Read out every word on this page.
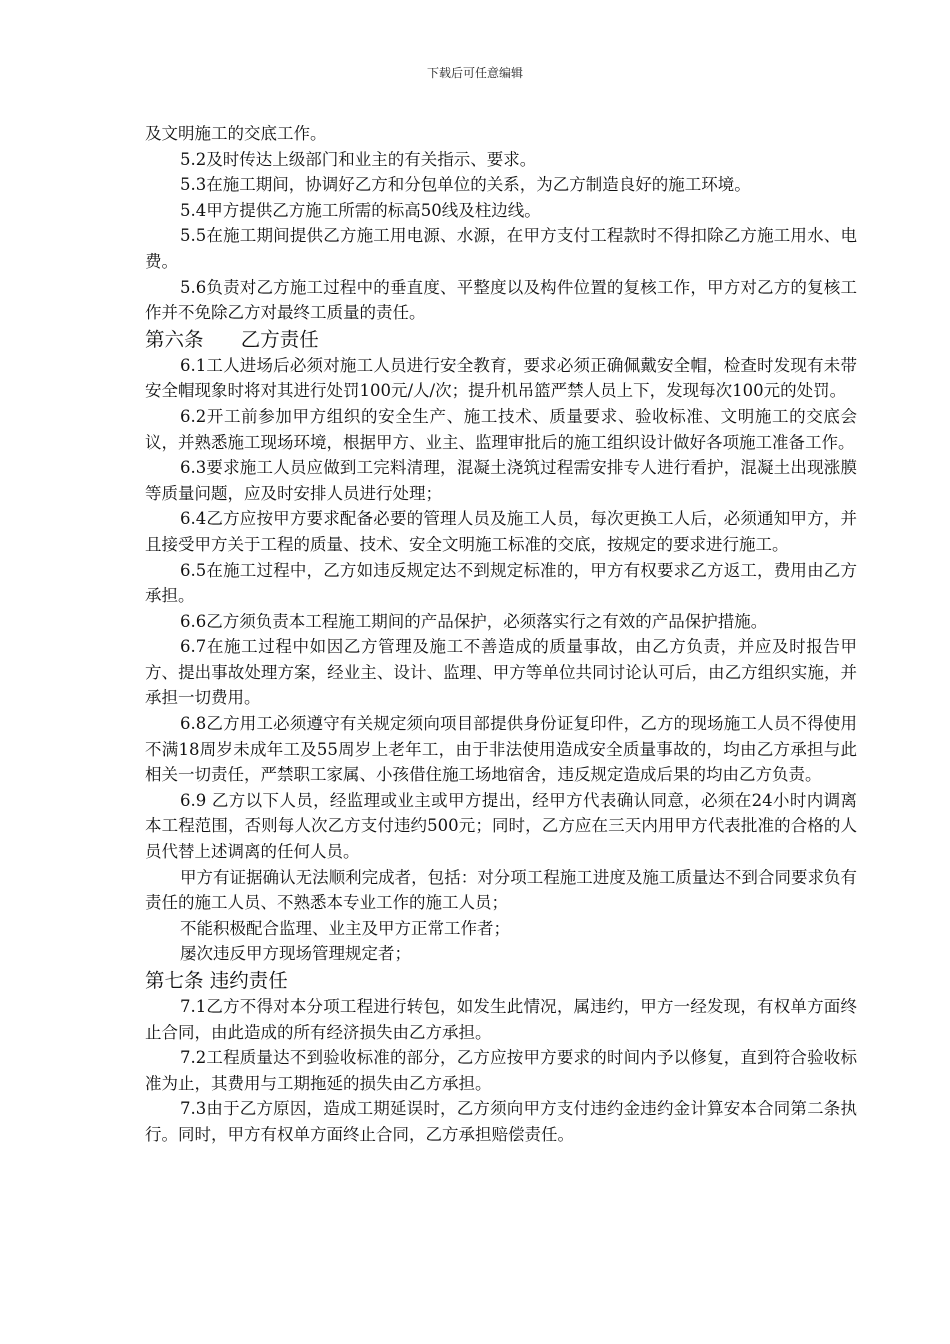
下载后可任意编辑

及文明施工的交底工作。

5.2及时传达上级部门和业主的有关指示、要求。

5.3在施工期间，协调好乙方和分包单位的关系，为乙方制造良好的施工环境。

5.4甲方提供乙方施工所需的标高50线及柱边线。

5.5在施工期间提供乙方施工用电源、水源，在甲方支付工程款时不得扣除乙方施工用水、电费。

5.6负责对乙方施工过程中的垂直度、平整度以及构件位置的复核工作，甲方对乙方的复核工作并不免除乙方对最终工质量的责任。

第六条      乙方责任

6.1工人进场后必须对施工人员进行安全教育，要求必须正确佩戴安全帽，检查时发现有未带安全帽现象时将对其进行处罚100元/人/次；提升机吊篮严禁人员上下，发现每次100元的处罚。

6.2开工前参加甲方组织的安全生产、施工技术、质量要求、验收标准、文明施工的交底会议，并熟悉施工现场环境，根据甲方、业主、监理审批后的施工组织设计做好各项施工准备工作。

6.3要求施工人员应做到工完料清理，混凝土浇筑过程需安排专人进行看护，混凝土出现涨膜等质量问题，应及时安排人员进行处理；

6.4乙方应按甲方要求配备必要的管理人员及施工人员，每次更换工人后，必须通知甲方，并且接受甲方关于工程的质量、技术、安全文明施工标准的交底，按规定的要求进行施工。

6.5在施工过程中，乙方如违反规定达不到规定标准的，甲方有权要求乙方返工，费用由乙方承担。

6.6乙方须负责本工程施工期间的产品保护，必须落实行之有效的产品保护措施。

6.7在施工过程中如因乙方管理及施工不善造成的质量事故，由乙方负责，并应及时报告甲方、提出事故处理方案，经业主、设计、监理、甲方等单位共同讨论认可后，由乙方组织实施，并承担一切费用。

6.8乙方用工必须遵守有关规定须向项目部提供身份证复印件，乙方的现场施工人员不得使用不满18周岁未成年工及55周岁上老年工，由于非法使用造成安全质量事故的，均由乙方承担与此相关一切责任，严禁职工家属、小孩借住施工场地宿舍，违反规定造成后果的均由乙方负责。

6.9 乙方以下人员，经监理或业主或甲方提出，经甲方代表确认同意，必须在24小时内调离本工程范围，否则每人次乙方支付违约500元；同时，乙方应在三天内用甲方代表批准的合格的人员代替上述调离的任何人员。

甲方有证据确认无法顺利完成者，包括：对分项工程施工进度及施工质量达不到合同要求负有责任的施工人员、不熟悉本专业工作的施工人员；

不能积极配合监理、业主及甲方正常工作者；

屡次违反甲方现场管理规定者；

第七条 违约责任

7.1乙方不得对本分项工程进行转包，如发生此情况，属违约，甲方一经发现，有权单方面终止合同，由此造成的所有经济损失由乙方承担。

7.2工程质量达不到验收标准的部分，乙方应按甲方要求的时间内予以修复，直到符合验收标准为止，其费用与工期拖延的损失由乙方承担。

7.3由于乙方原因，造成工期延误时，乙方须向甲方支付违约金违约金计算安本合同第二条执行。同时，甲方有权单方面终止合同，乙方承担赔偿责任。
